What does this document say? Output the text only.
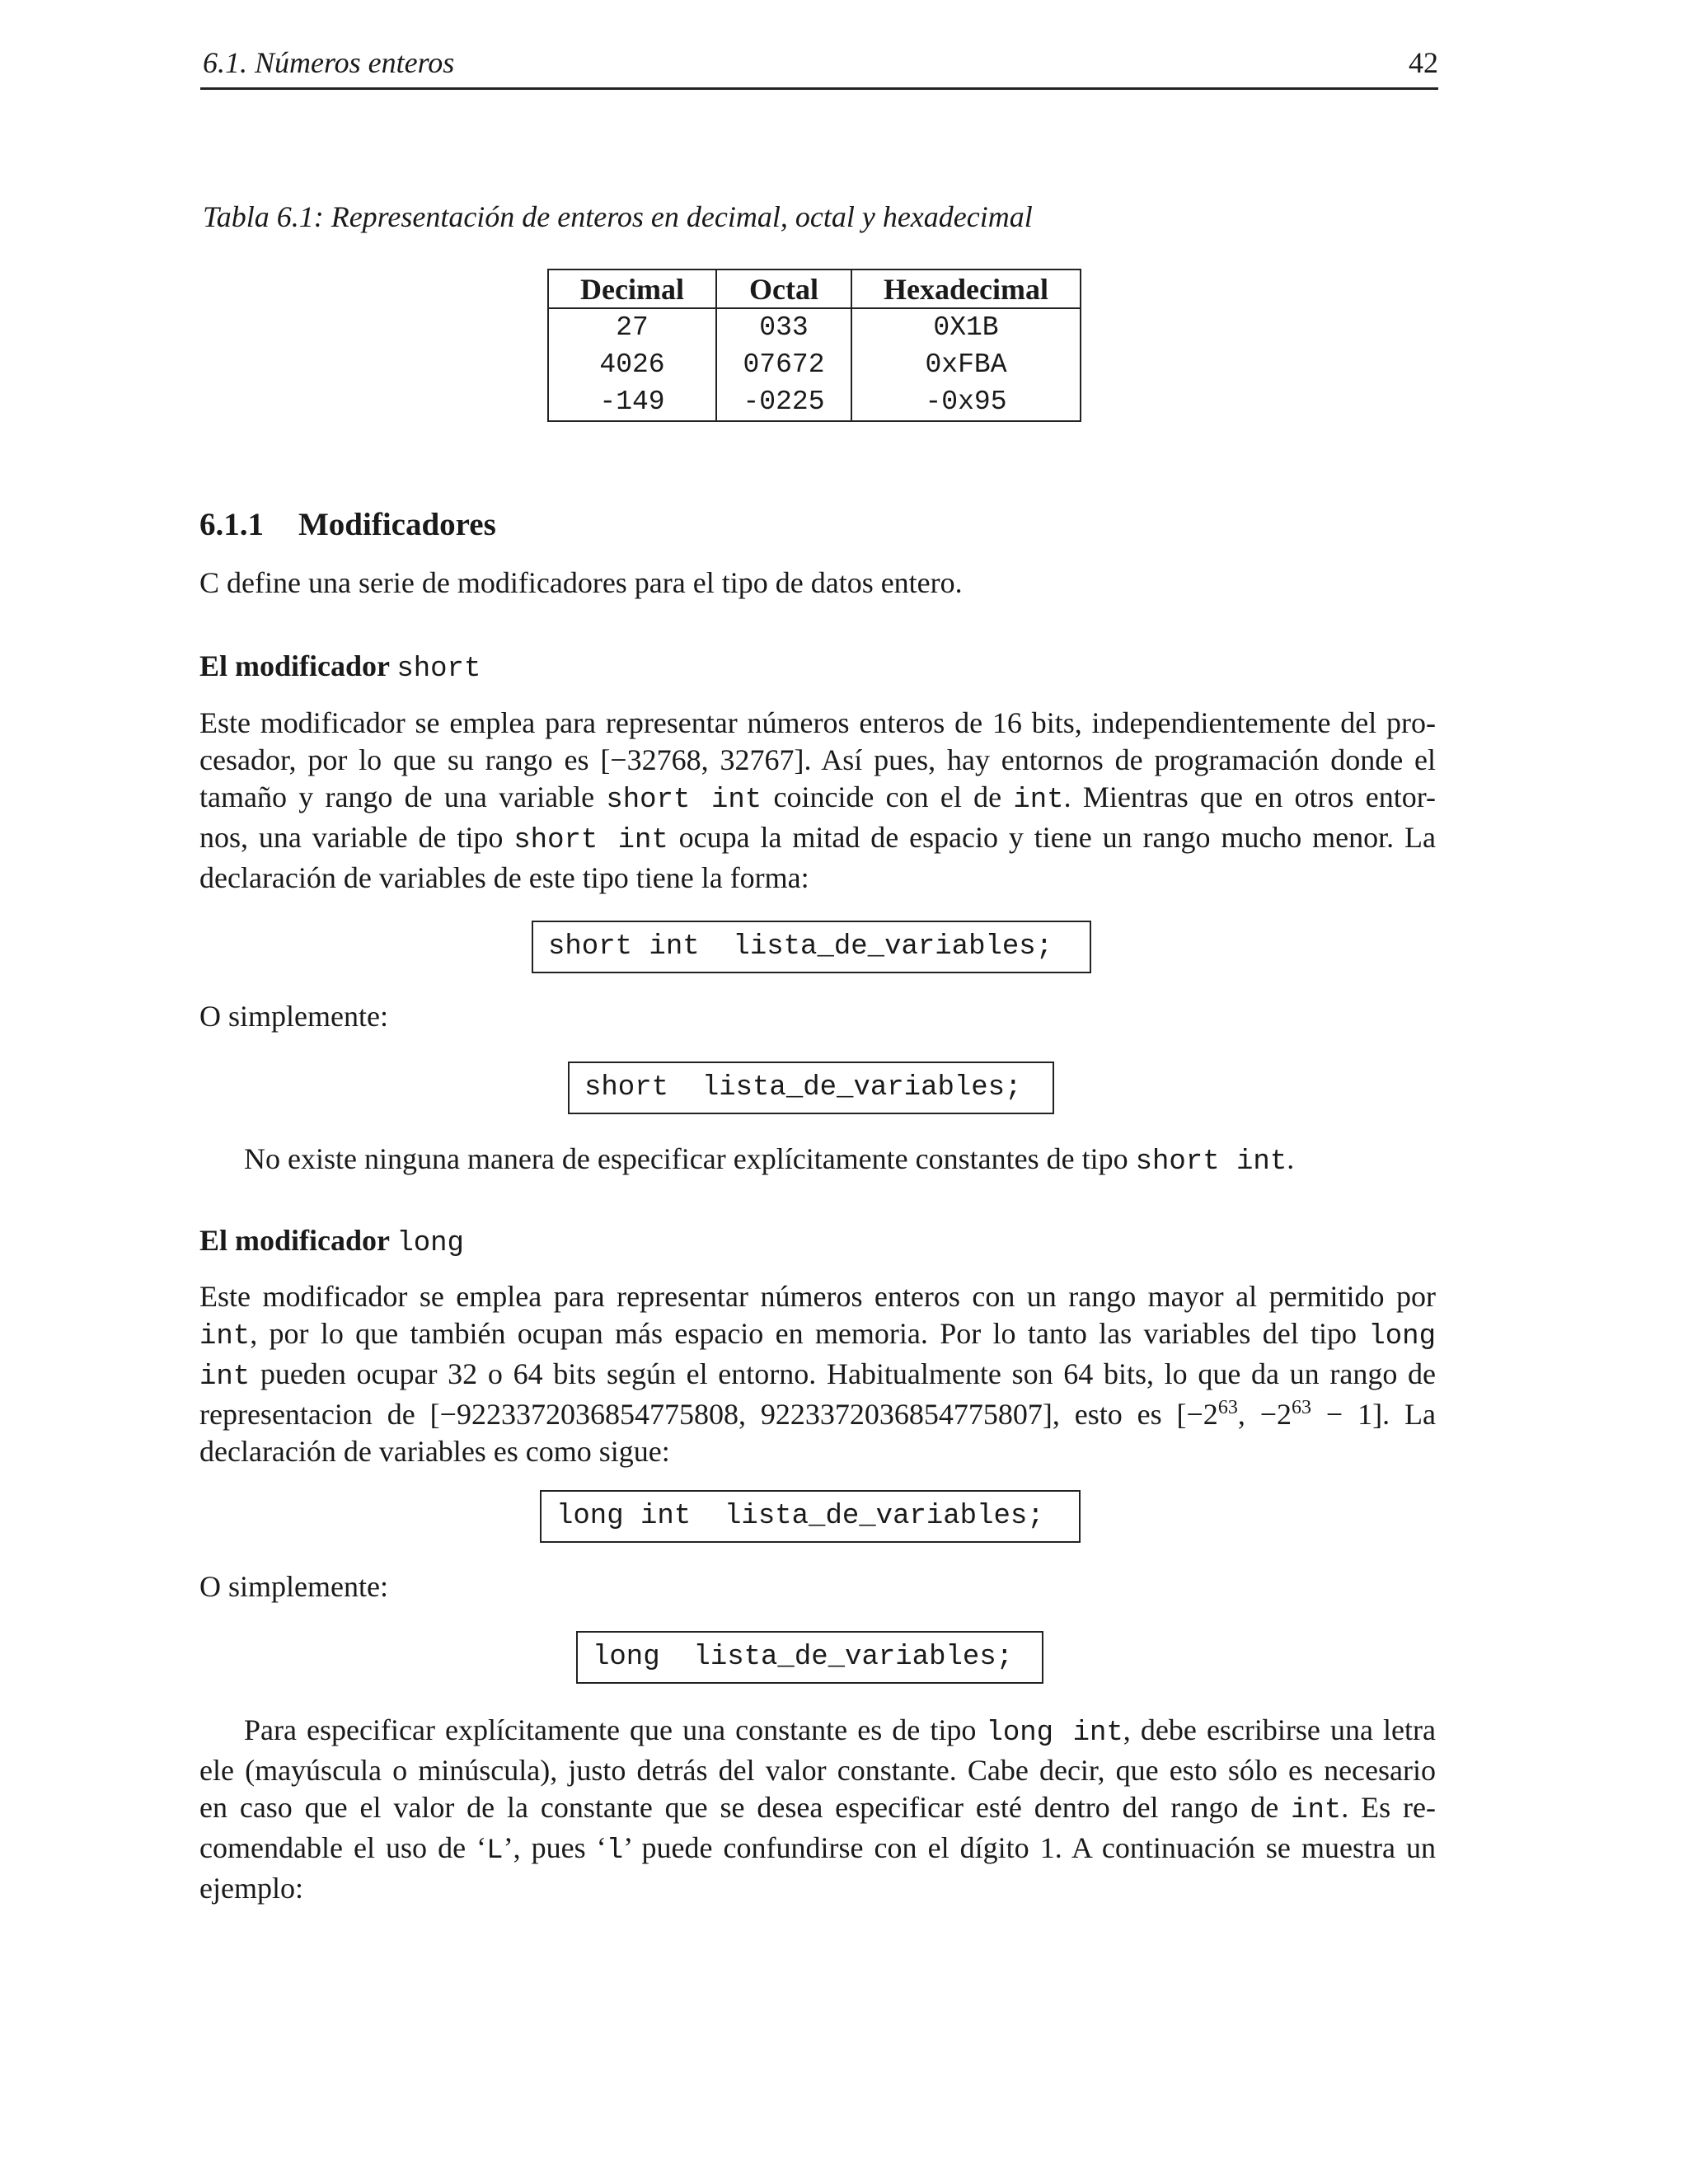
6.1. Números enteros	42
Tabla 6.1: Representación de enteros en decimal, octal y hexadecimal
Decimal	Octal	Hexadecimal
27	033	0X1B
4026	07672	0xFBA
-149	-0225	-0x95
6.1.1 Modificadores

C define una serie de modificadores para el tipo de datos entero.

El modificador short
Este modificador se emplea para representar números enteros de 16 bits, independientemente del pro-
cesador, por lo que su rango es [−32768, 32767]. Así pues, hay entornos de programación donde el
tamaño y rango de una variable short int coincide con el de int. Mientras que en otros entor-
nos, una variable de tipo short int ocupa la mitad de espacio y tiene un rango mucho menor. La
declaración de variables de este tipo tiene la forma:
short int  lista_de_variables;

O simplemente:

short  lista_de_variables;

No existe ninguna manera de especificar explícitamente constantes de tipo short int.

El modificador long
Este modificador se emplea para representar números enteros con un rango mayor al permitido por
int, por lo que también ocupan más espacio en memoria. Por lo tanto las variables del tipo long
int pueden ocupar 32 o 64 bits según el entorno. Habitualmente son 64 bits, lo que da un rango de
representacion de [−9223372036854775808, 9223372036854775807], esto es [$-2^{63}$, $-2^{63} - 1$]. La
declaración de variables es como sigue:
long int  lista_de_variables;

O simplemente:

long  lista_de_variables;
Para especificar explícitamente que una constante es de tipo long int, debe escribirse una letra
ele (mayúscula o minúscula), justo detrás del valor constante. Cabe decir, que esto sólo es necesario
en caso que el valor de la constante que se desea especificar esté dentro del rango de int. Es re-
comendable el uso de ‘L’, pues ‘l’ puede confundirse con el dígito 1. A continuación se muestra un
ejemplo:
